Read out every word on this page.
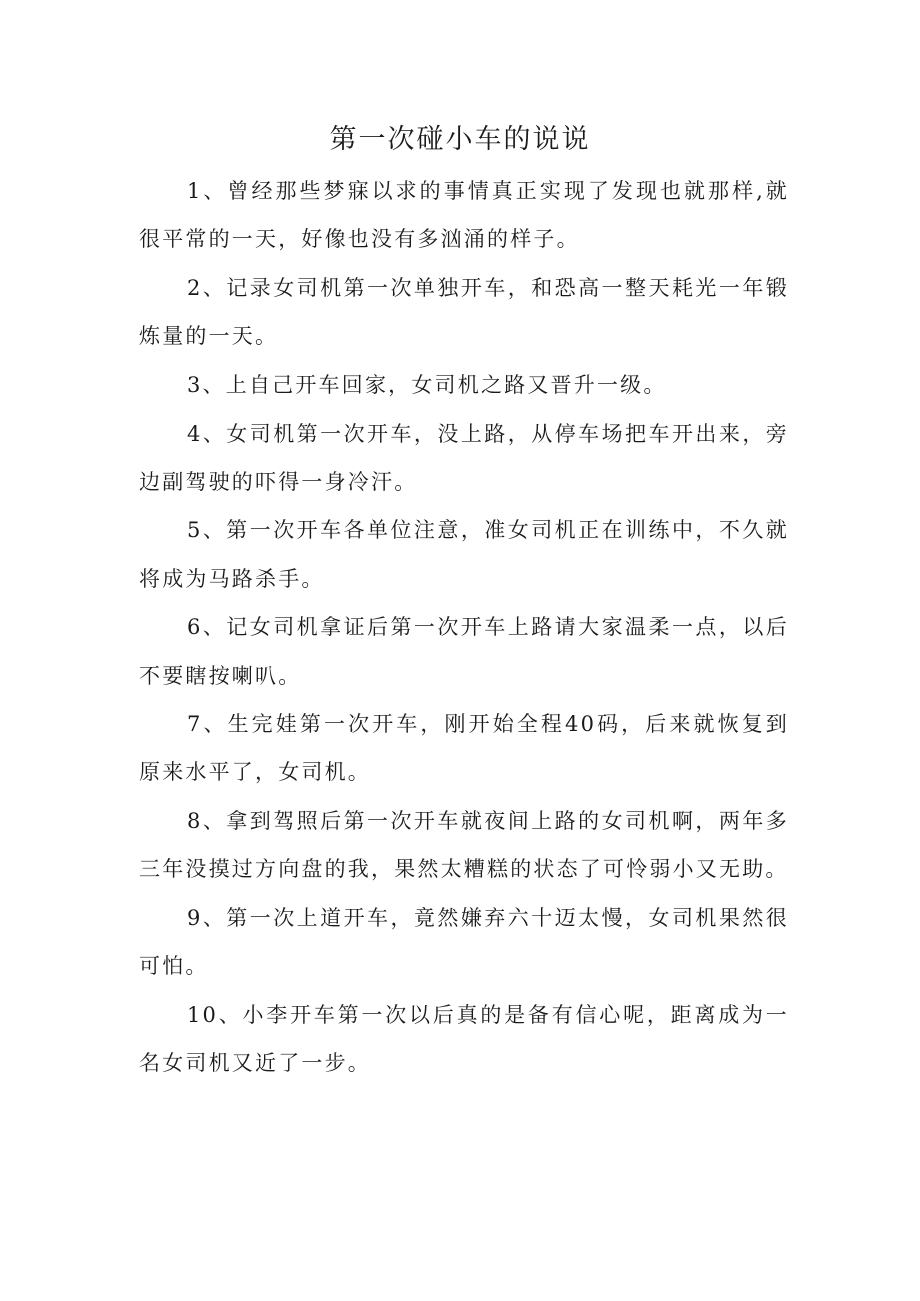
第一次碰小车的说说

1、曾经那些梦寐以求的事情真正实现了发现也就那样,就很平常的一天，好像也没有多汹涌的样子。

2、记录女司机第一次单独开车，和恐高一整天耗光一年锻炼量的一天。

3、上自己开车回家，女司机之路又晋升一级。

4、女司机第一次开车，没上路，从停车场把车开出来，旁边副驾驶的吓得一身冷汗。

5、第一次开车各单位注意，准女司机正在训练中，不久就将成为马路杀手。

6、记女司机拿证后第一次开车上路请大家温柔一点，以后不要瞎按喇叭。

7、生完娃第一次开车，刚开始全程40码，后来就恢复到原来水平了，女司机。

8、拿到驾照后第一次开车就夜间上路的女司机啊，两年多三年没摸过方向盘的我，果然太糟糕的状态了可怜弱小又无助。

9、第一次上道开车，竟然嫌弃六十迈太慢，女司机果然很可怕。

10、小李开车第一次以后真的是备有信心呢，距离成为一名女司机又近了一步。
